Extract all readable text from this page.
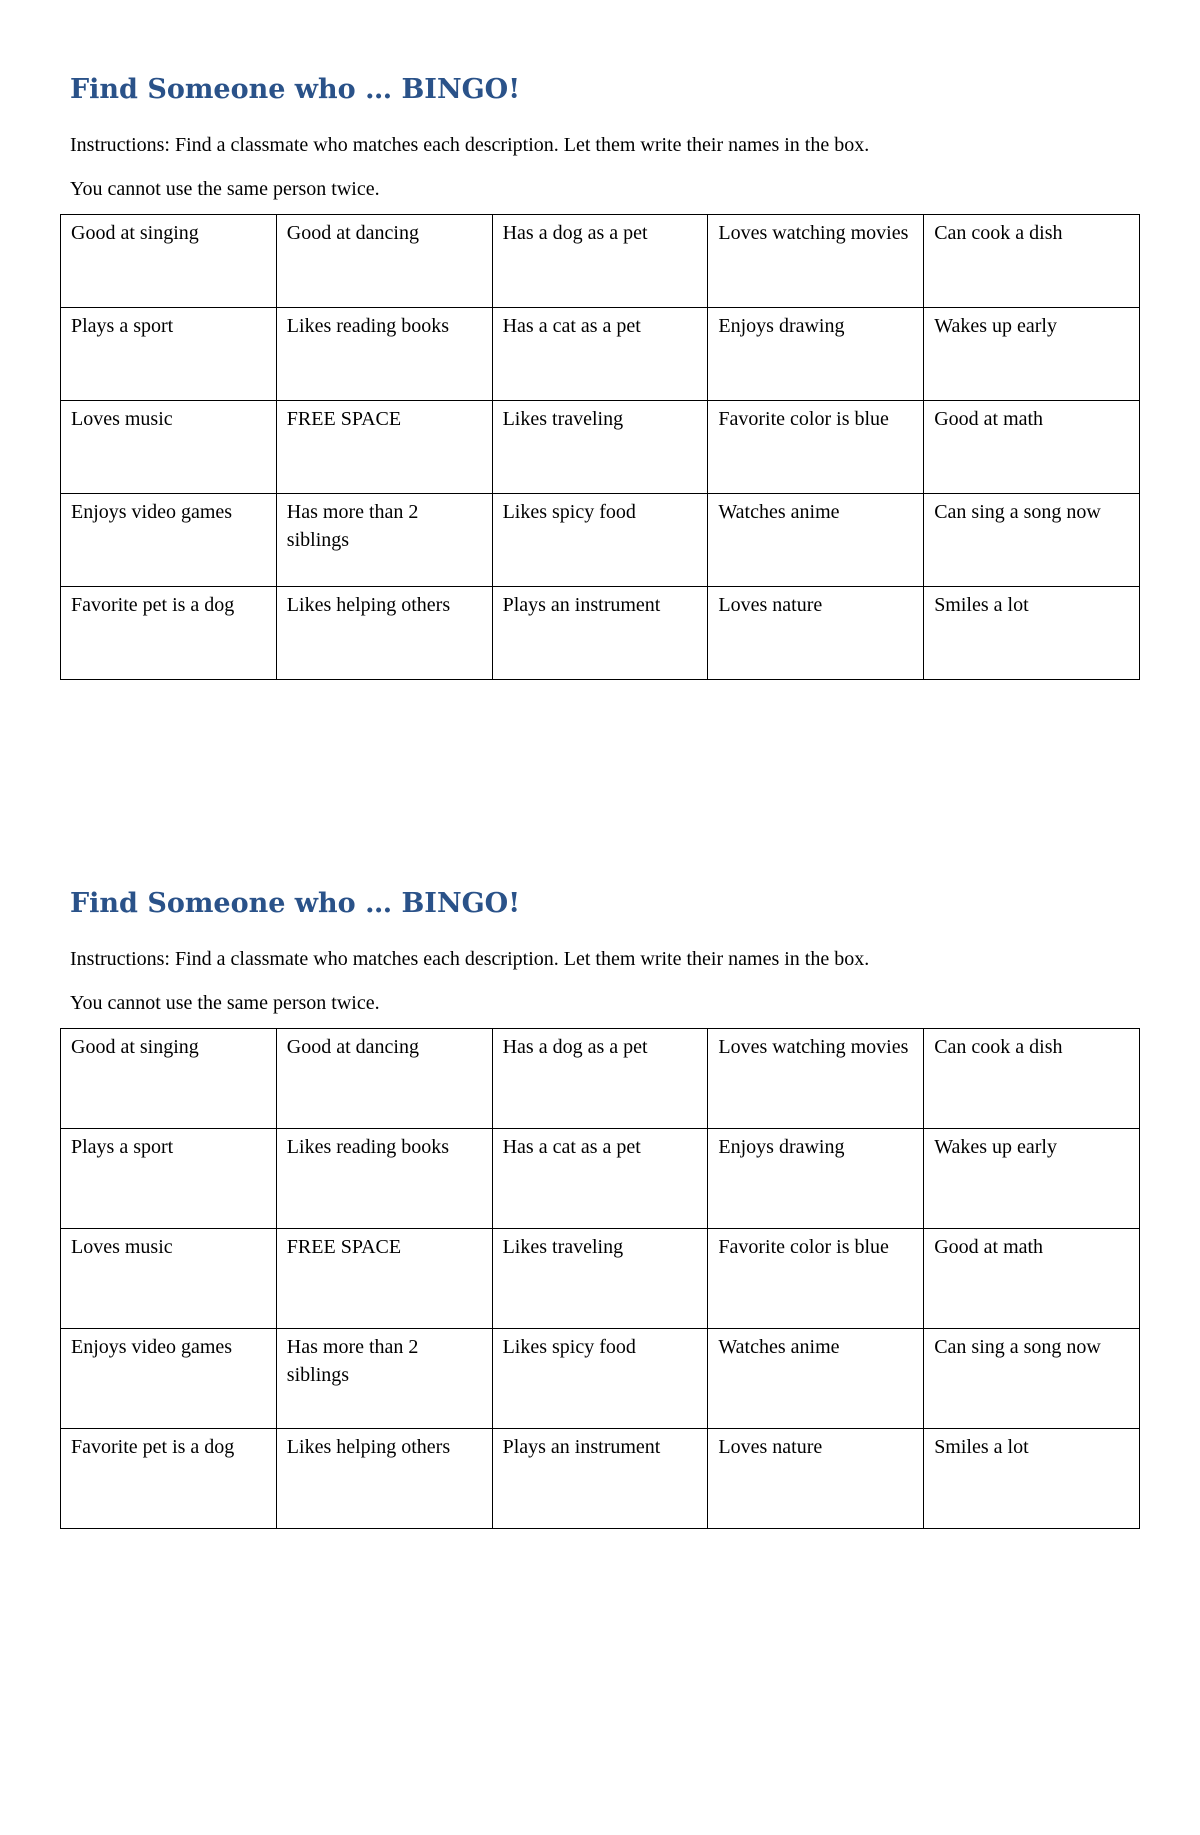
Find Someone who … BINGO!

Instructions: Find a classmate who matches each description. Let them write their names in the box.

You cannot use the same person twice.

Good at singing	Good at dancing	Has a dog as a pet	Loves watching movies	Can cook a dish
Plays a sport	Likes reading books	Has a cat as a pet	Enjoys drawing	Wakes up early
Loves music	FREE SPACE	Likes traveling	Favorite color is blue	Good at math
Enjoys video games	Has more than 2 siblings	Likes spicy food	Watches anime	Can sing a song now
Favorite pet is a dog	Likes helping others	Plays an instrument	Loves nature	Smiles a lot
Find Someone who … BINGO!

Instructions: Find a classmate who matches each description. Let them write their names in the box.

You cannot use the same person twice.

Good at singing	Good at dancing	Has a dog as a pet	Loves watching movies	Can cook a dish
Plays a sport	Likes reading books	Has a cat as a pet	Enjoys drawing	Wakes up early
Loves music	FREE SPACE	Likes traveling	Favorite color is blue	Good at math
Enjoys video games	Has more than 2 siblings	Likes spicy food	Watches anime	Can sing a song now
Favorite pet is a dog	Likes helping others	Plays an instrument	Loves nature	Smiles a lot
